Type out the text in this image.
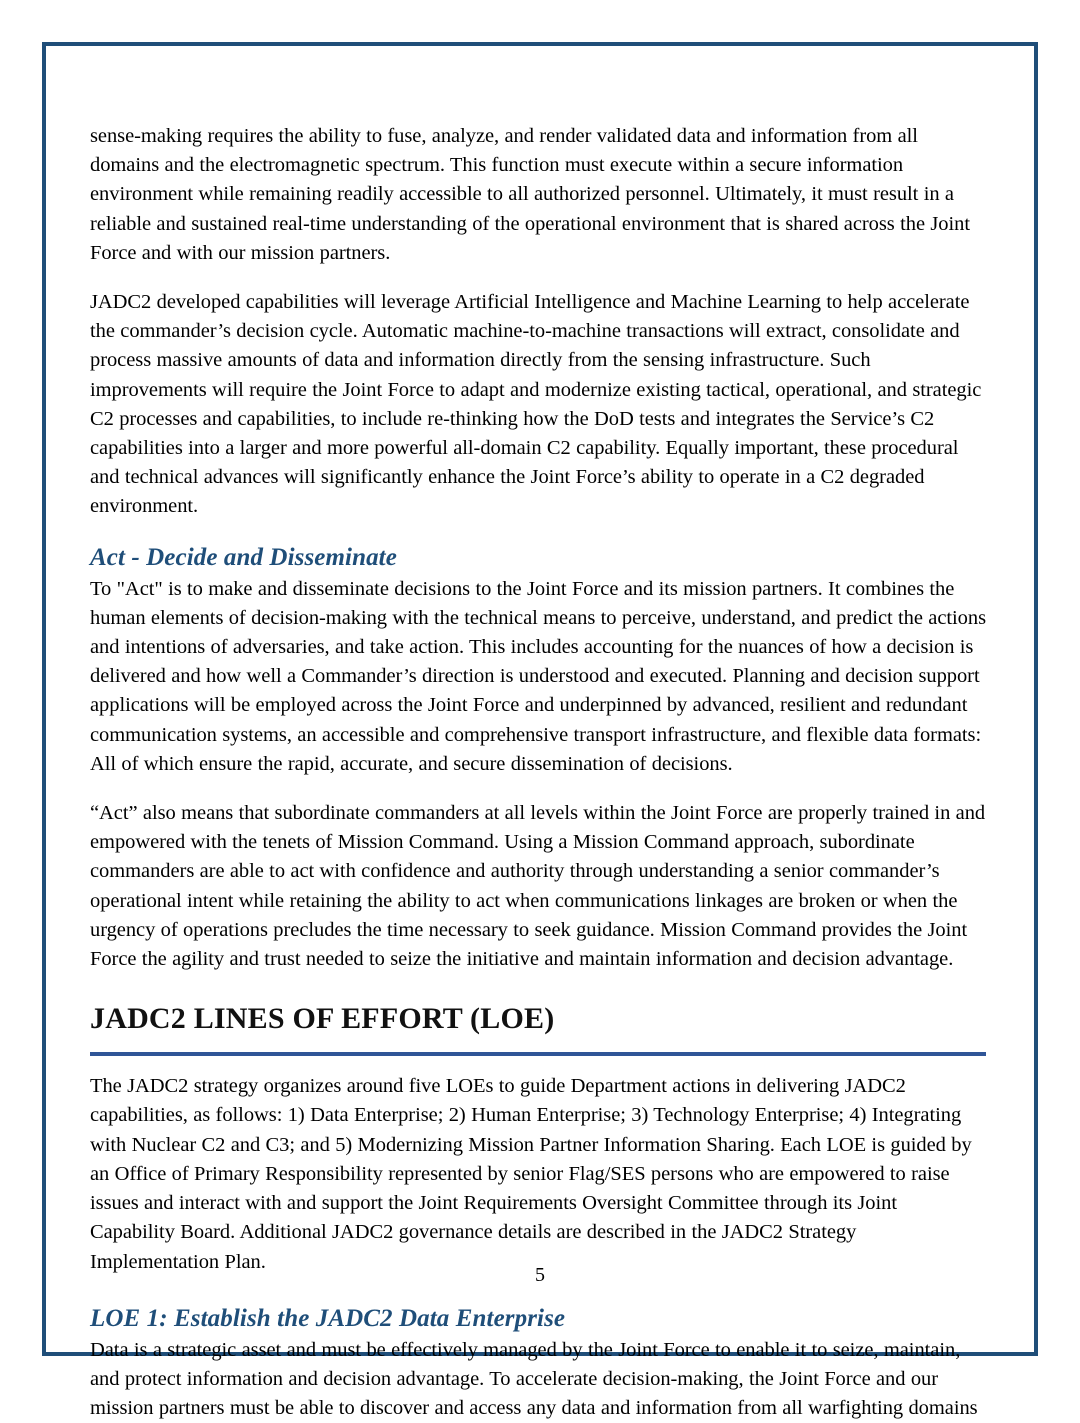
sense-making requires the ability to fuse, analyze, and render validated data and information from all domains and the electromagnetic spectrum. This function must execute within a secure information environment while remaining readily accessible to all authorized personnel. Ultimately, it must result in a reliable and sustained real-time understanding of the operational environment that is shared across the Joint Force and with our mission partners.

JADC2 developed capabilities will leverage Artificial Intelligence and Machine Learning to help accelerate the commander’s decision cycle. Automatic machine-to-machine transactions will extract, consolidate and process massive amounts of data and information directly from the sensing infrastructure. Such improvements will require the Joint Force to adapt and modernize existing tactical, operational, and strategic C2 processes and capabilities, to include re-thinking how the DoD tests and integrates the Service’s C2 capabilities into a larger and more powerful all-domain C2 capability. Equally important, these procedural and technical advances will significantly enhance the Joint Force’s ability to operate in a C2 degraded environment.

Act - Decide and Disseminate

To "Act" is to make and disseminate decisions to the Joint Force and its mission partners. It combines the human elements of decision-making with the technical means to perceive, understand, and predict the actions and intentions of adversaries, and take action. This includes accounting for the nuances of how a decision is delivered and how well a Commander’s direction is understood and executed. Planning and decision support applications will be employed across the Joint Force and underpinned by advanced, resilient and redundant communication systems, an accessible and comprehensive transport infrastructure, and flexible data formats: All of which ensure the rapid, accurate, and secure dissemination of decisions.

“Act” also means that subordinate commanders at all levels within the Joint Force are properly trained in and empowered with the tenets of Mission Command. Using a Mission Command approach, subordinate commanders are able to act with confidence and authority through understanding a senior commander’s operational intent while retaining the ability to act when communications linkages are broken or when the urgency of operations precludes the time necessary to seek guidance. Mission Command provides the Joint Force the agility and trust needed to seize the initiative and maintain information and decision advantage.

JADC2 LINES OF EFFORT (LOE)

The JADC2 strategy organizes around five LOEs to guide Department actions in delivering JADC2 capabilities, as follows: 1) Data Enterprise; 2) Human Enterprise; 3) Technology Enterprise; 4) Integrating with Nuclear C2 and C3; and 5) Modernizing Mission Partner Information Sharing. Each LOE is guided by an Office of Primary Responsibility represented by senior Flag/SES persons who are empowered to raise issues and interact with and support the Joint Requirements Oversight Committee through its Joint Capability Board. Additional JADC2 governance details are described in the JADC2 Strategy Implementation Plan.

LOE 1: Establish the JADC2 Data Enterprise

Data is a strategic asset and must be effectively managed by the Joint Force to enable it to seize, maintain, and protect information and decision advantage. To accelerate decision-making, the Joint Force and our mission partners must be able to discover and access any data and information from all warfighting domains

5
